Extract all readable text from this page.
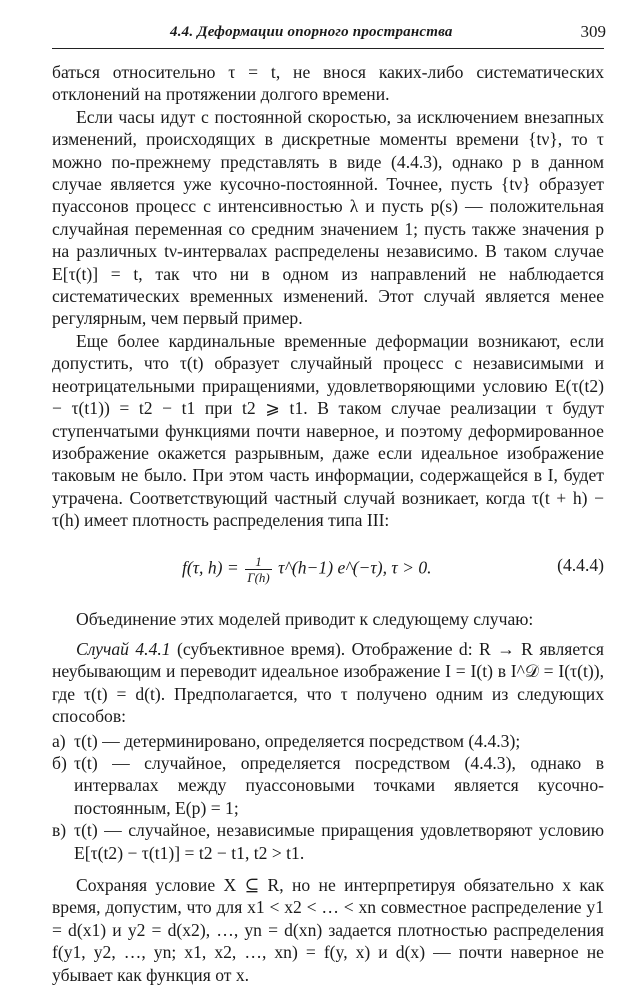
4.4. Деформации опорного пространства	309

баться относительно τ = t, не внося каких-либо систематических отклонений на протяжении долгого времени.

Если часы идут с постоянной скоростью, за исключением внезапных изменений, происходящих в дискретные моменты времени {tν}, то τ можно по-прежнему представлять в виде (4.4.3), однако p в данном случае является уже кусочно-постоянной. Точнее, пусть {tν} образует пуассонов процесс с интенсивностью λ и пусть p(s) — положительная случайная переменная со средним значением 1; пусть также значения p на различных tν-интервалах распределены независимо. В таком случае E[τ(t)] = t, так что ни в одном из направлений не наблюдается систематических временных изменений. Этот случай является менее регулярным, чем первый пример.

Еще более кардинальные временные деформации возникают, если допустить, что τ(t) образует случайный процесс с независимыми и неотрицательными приращениями, удовлетворяющими условию E(τ(t2) − τ(t1)) = t2 − t1 при t2 ⩾ t1. В таком случае реализации τ будут ступенчатыми функциями почти наверное, и поэтому деформированное изображение окажется разрывным, даже если идеальное изображение таковым не было. При этом часть информации, содержащейся в I, будет утрачена. Соответствующий частный случай возникает, когда τ(t + h) − τ(h) имеет плотность распределения типа III:

f(τ, $h) = \frac{1}{\Gamma(h)}$ τ^(h−1) e^(−τ), τ > 0.	(4.4.4)

Объединение этих моделей приводит к следующему случаю:

Случай 4.4.1 (субъективное время). Отображение d: R → R является неубывающим и переводит идеальное изображение I = I(t) в I^𝒟 = I(τ(t)), где τ(t) = d(t). Предполагается, что τ получено одним из следующих способов:

а) τ(t) — детерминировано, определяется посредством (4.4.3);
б) τ(t) — случайное, определяется посредством (4.4.3), однако в интервалах между пуассоновыми точками является кусочно-постоянным, E(p) = 1;
в) τ(t) — случайное, независимые приращения удовлетворяют условию E[τ(t2) − τ(t1)] = t2 − t1, t2 > t1.

Сохраняя условие X ⊆ R, но не интерпретируя обязательно x как время, допустим, что для x1 < x2 < … < xn совместное распределение y1 = d(x1) и y2 = d(x2), …, yn = d(xn) задается плотностью распределения f(y1, y2, …, yn; x1, x2, …, xn) = f(y, x) и d(x) — почти наверное не убывает как функция от x.
